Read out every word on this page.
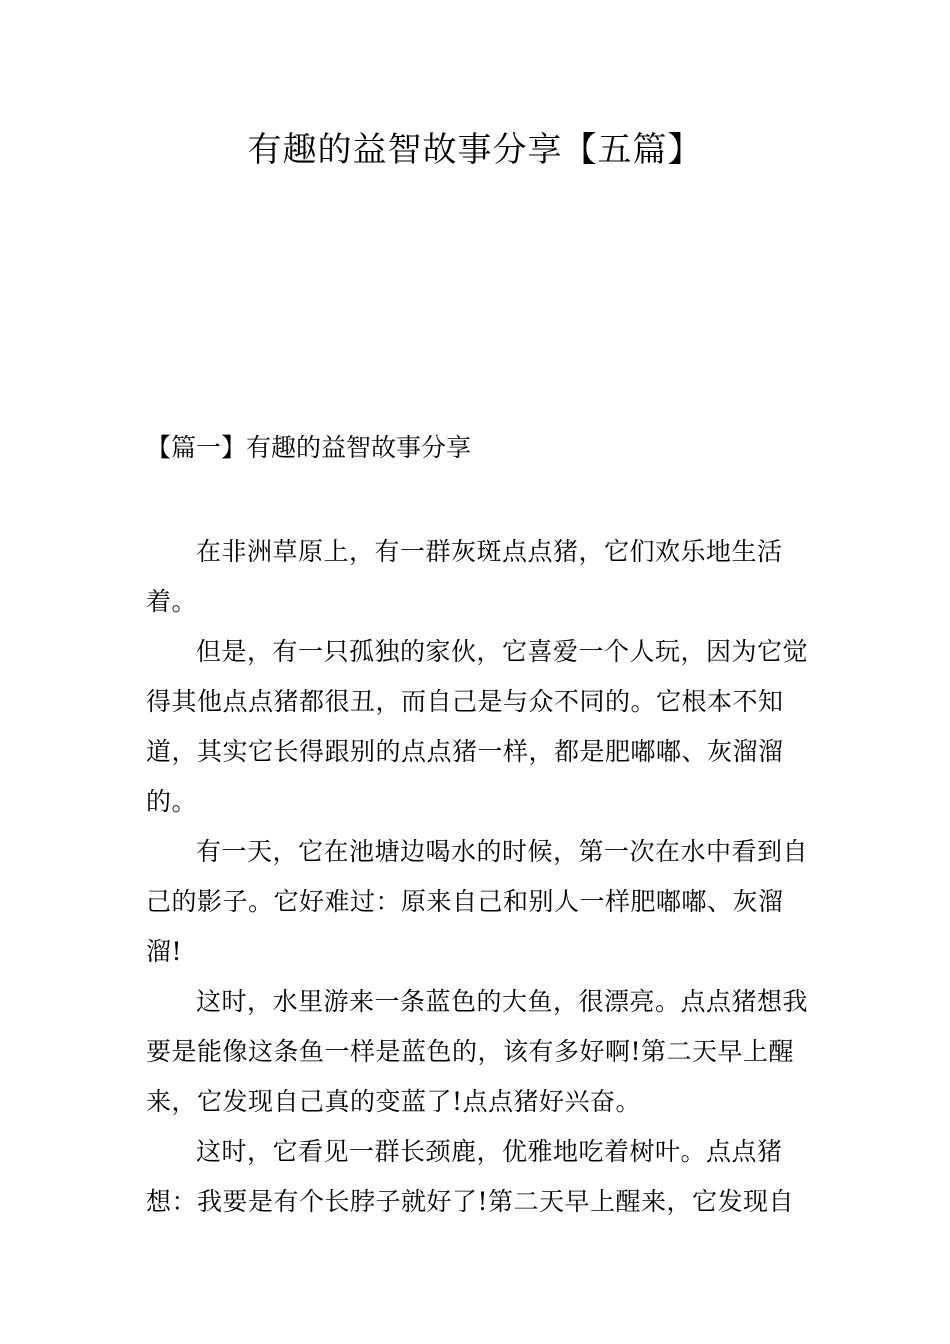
有趣的益智故事分享【五篇】
【篇一】有趣的益智故事分享

在非洲草原上，有一群灰斑点点猪，它们欢乐地生活着。

但是，有一只孤独的家伙，它喜爱一个人玩，因为它觉得其他点点猪都很丑，而自己是与众不同的。它根本不知道，其实它长得跟别的点点猪一样，都是肥嘟嘟、灰溜溜的。

有一天，它在池塘边喝水的时候，第一次在水中看到自己的影子。它好难过：原来自己和别人一样肥嘟嘟、灰溜溜!

这时，水里游来一条蓝色的大鱼，很漂亮。点点猪想我要是能像这条鱼一样是蓝色的，该有多好啊!第二天早上醒来，它发现自己真的变蓝了!点点猪好兴奋。

这时，它看见一群长颈鹿，优雅地吃着树叶。点点猪想：我要是有个长脖子就好了!第二天早上醒来，它发现自
